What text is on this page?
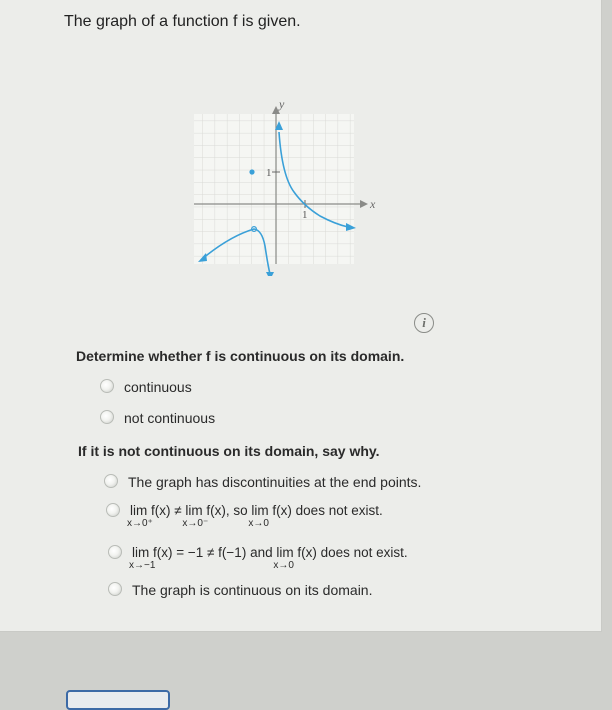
The graph of a function f is given.
x
y
1
1
i
Determine whether f is continuous on its domain.
continuous
not continuous
If it is not continuous on its domain, say why.
The graph has discontinuities at the end points.
lim
x→0⁺
f(x) ≠ lim
x→0⁻
f(x), so lim
x→0
f(x) does not exist.
lim
x→−1
f(x) = −1 ≠ f(−1) and lim
x→0
f(x) does not exist.
The graph is continuous on its domain.
